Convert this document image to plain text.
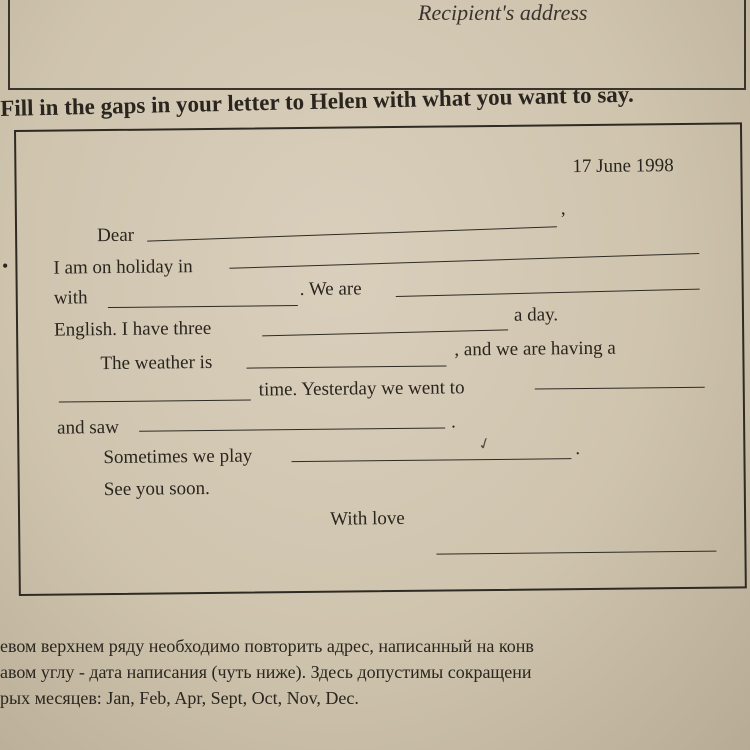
Recipient's address
Fill in the gaps in your letter to Helen with what you want to say.
17 June 1998
Dear
,
I am on holiday in
with	. We are
English. I have three
a day.
The weather is
, and we are having a
time. Yesterday we went to
and saw	.
Sometimes we play	.
See you soon.
With love
✓
•
евом верхнем ряду необходимо повторить адрес, написанный на конв
авом углу - дата написания (чуть ниже). Здесь допустимы сокращени
рых месяцев: Jan, Feb, Apr, Sept, Oct, Nov, Dec.
